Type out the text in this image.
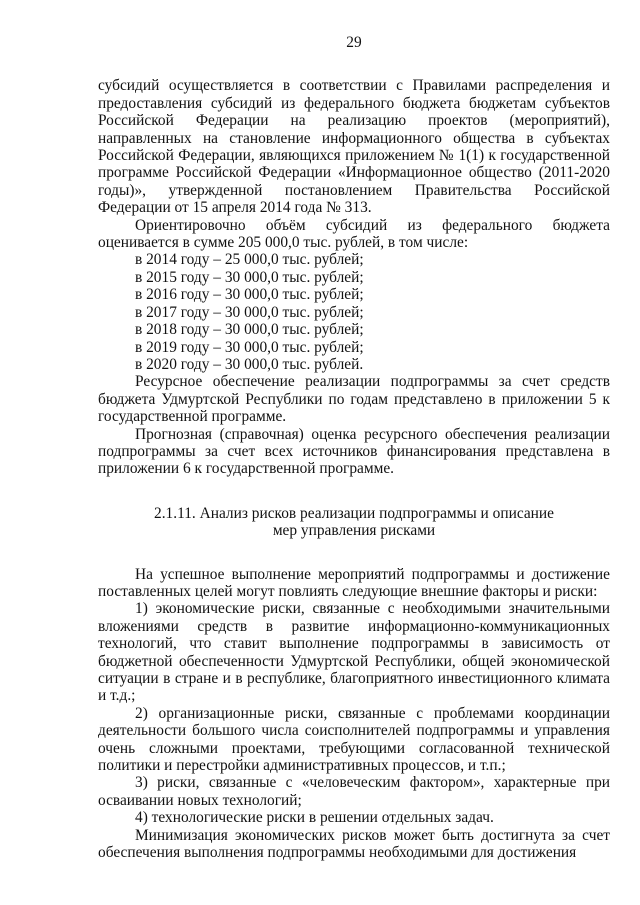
29

субсидий осуществляется в соответствии с Правилами распределения и предоставления субсидий из федерального бюджета бюджетам субъектов Российской Федерации на реализацию проектов (мероприятий), направленных на становление информационного общества в субъектах Российской Федерации, являющихся приложением № 1(1) к государственной программе Российской Федерации «Информационное общество (2011-2020 годы)», утвержденной постановлением Правительства Российской Федерации от 15 апреля 2014 года № 313.

Ориентировочно объём субсидий из федерального бюджета оценивается в сумме 205 000,0 тыс. рублей, в том числе:

в 2014 году – 25 000,0 тыс. рублей;

в 2015 году – 30 000,0 тыс. рублей;

в 2016 году – 30 000,0 тыс. рублей;

в 2017 году – 30 000,0 тыс. рублей;

в 2018 году – 30 000,0 тыс. рублей;

в 2019 году – 30 000,0 тыс. рублей;

в 2020 году – 30 000,0 тыс. рублей.

Ресурсное обеспечение реализации подпрограммы за счет средств бюджета Удмуртской Республики по годам представлено в приложении 5 к государственной программе.

Прогнозная (справочная) оценка ресурсного обеспечения реализации подпрограммы за счет всех источников финансирования представлена в приложении 6 к государственной программе.

2.1.11. Анализ рисков реализации подпрограммы и описание

мер управления рисками

На успешное выполнение мероприятий подпрограммы и достижение поставленных целей могут повлиять следующие внешние факторы и риски:

1) экономические риски, связанные с необходимыми значительными вложениями средств в развитие информационно-коммуникационных технологий, что ставит выполнение подпрограммы в зависимость от бюджетной обеспеченности Удмуртской Республики, общей экономической ситуации в стране и в республике, благоприятного инвестиционного климата и т.д.;

2) организационные риски, связанные с проблемами координации деятельности большого числа соисполнителей подпрограммы и управления очень сложными проектами, требующими согласованной технической политики и перестройки административных процессов, и т.п.;

3) риски, связанные с «человеческим фактором», характерные при осваивании новых технологий;

4) технологические риски в решении отдельных задач.

Минимизация экономических рисков может быть достигнута за счет обеспечения выполнения подпрограммы необходимыми для достижения
